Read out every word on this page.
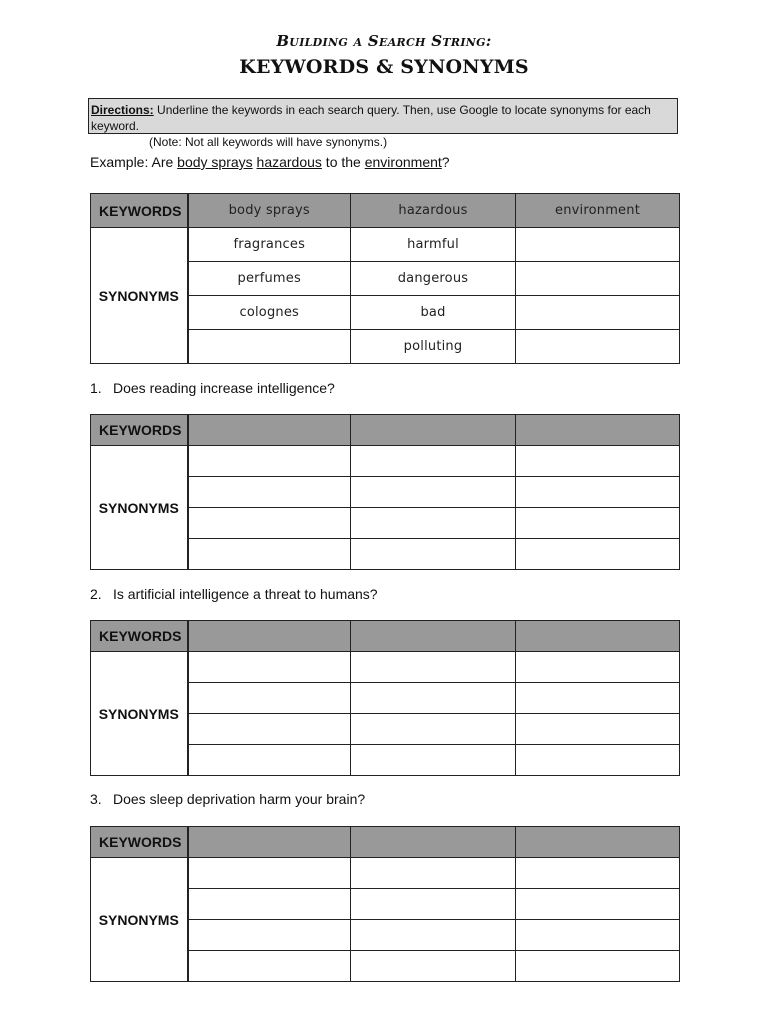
Building a Search String:
KEYWORDS & SYNONYMS
Directions: Underline the keywords in each search query. Then, use Google to locate synonyms for each keyword.
(Note: Not all keywords will have synonyms.)
Example: Are body sprays hazardous to the environment?
KEYWORDS	body sprays	hazardous	environment
SYNONYMS	fragrances	harmful	
	perfumes	dangerous	
	colognes	bad	
		polluting	
1. Does reading increase intelligence?
KEYWORDS			
SYNONYMS			

2. Is artificial intelligence a threat to humans?
KEYWORDS			
SYNONYMS			

3. Does sleep deprivation harm your brain?
KEYWORDS			
SYNONYMS			
